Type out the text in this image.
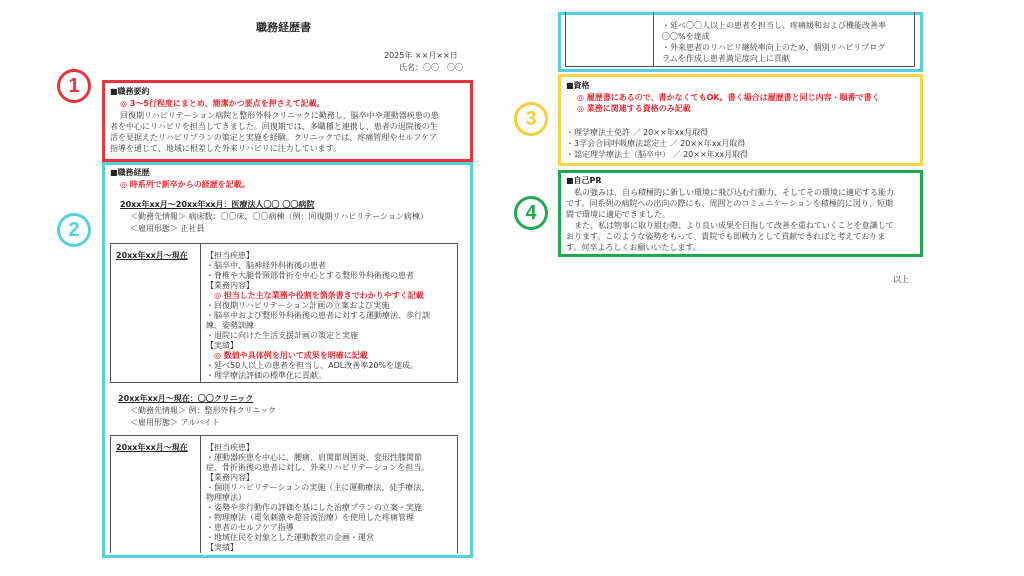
職務経歴書
2025年 ××月××日
氏名：〇〇　〇〇
■職務要約
◎ 3〜5行程度にまとめ、簡潔かつ要点を押さえて記載。
回復期リハビリテーション病院と整形外科クリニックに勤務し、脳卒中や運動器疾患の患
者を中心にリハビリを担当してきました。回復期では、多職種と連携し、患者の退院後の生
活を見据えたリハビリプランの策定と実施を経験。クリニックでは、疼痛管理やセルフケア
指導を通じて、地域に根差した外来リハビリに注力しています。
■職務経歴
◎ 時系列で新卒からの経歴を記載。
20xx年xx月〜20xx年xx月：医療法人〇〇 〇〇病院
＜勤務先情報＞ 病床数：〇〇床、〇〇病棟（例：回復期リハビリテーション病棟）
＜雇用形態＞ 正社員
20xx年xx月〜現在 【担当疾患】
・脳卒中、脳神経外科術後の患者
・脊椎や大腿骨頸部骨折を中心とする整形外科術後の患者
【業務内容】
◎ 担当した主な業務や役割を箇条書きでわかりやすく記載
・回復期リハビリテーション計画の立案および実施
・脳卒中および整形外科術後の患者に対する運動療法、歩行訓
練、姿勢訓練
・退院に向けた生活支援計画の策定と実施
【実績】
◎ 数値や具体例を用いて成果を明確に記載
・延べ50人以上の患者を担当し、ADL改善率20%を達成。
・理学療法評価の標準化に貢献。
20xx年xx月〜現在：〇〇クリニック
＜勤務先情報＞ 例：整形外科クリニック
＜雇用形態＞ アルバイト
20xx年xx月〜現在 【担当疾患】
・運動器疾患を中心に、腰痛、肩関節周囲炎、変形性膝関節
症、骨折術後の患者に対し、外来リハビリテーションを担当。
【業務内容】
・個別リハビリテーションの実施（主に運動療法、徒手療法、
物理療法）
・姿勢や歩行動作の評価を基にした治療プランの立案・実施
・物理療法（電気刺激や超音波治療）を使用した疼痛管理
・患者のセルフケア指導
・地域住民を対象とした運動教室の企画・運営
【実績】
1
2
3
4
・延べ〇〇人以上の患者を担当し、疼痛緩和および機能改善率
〇〇%を達成
・外来患者のリハビリ継続率向上のため、個別リハビリプログ
ラムを作成し患者満足度向上に貢献
■資格
◎ 履歴書にあるので、書かなくてもOK。書く場合は履歴書と同じ内容・順番で書く
◎ 業務に関連する資格のみ記載
・理学療法士免許 ／ 20××年xx月取得
・3学会合同呼吸療法認定士 ／ 20××年xx月取得
・認定理学療法士（脳卒中） ／ 20××年xx月取得
■自己PR
私の強みは、自ら積極的に新しい環境に飛び込む行動力、そしてその環境に適応する能力
です。同系列の病院への出向の際にも、周囲とのコミュニケーションを積極的に図り、短期
間で環境に適応できました。
また、私は物事に取り組む際、より良い成果を目指して改善を重ねていくことを意識して
おります。このような姿勢をもって、貴院でも即戦力として貢献できればと考えておりま
す。何卒よろしくお願いいたします。
以上
